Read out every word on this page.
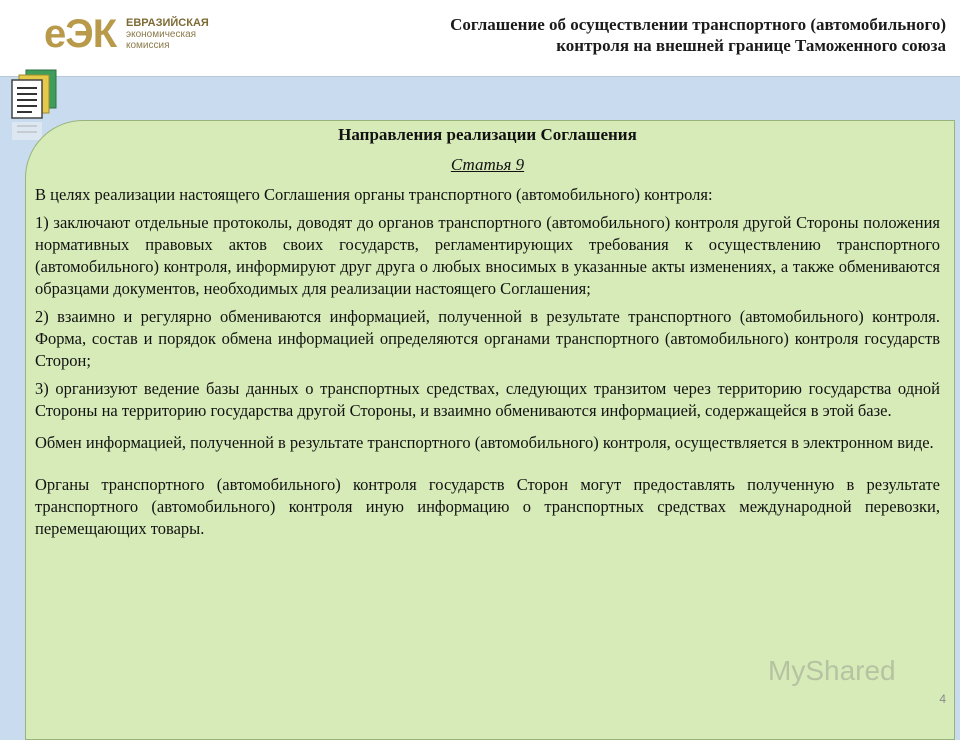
еЭК ЕВРАЗИЙСКАЯ
экономическая
комиссия
Соглашение об осуществлении транспортного (автомобильного)
контроля на внешней границе Таможенного союза

Направления реализации Соглашения

Статья 9

В целях реализации настоящего Соглашения органы транспортного (автомобильного) контроля:

1) заключают отдельные протоколы, доводят до органов транспортного (автомобильного) контроля другой Стороны положения нормативных правовых актов своих государств, регламентирующих требования к осуществлению транспортного (автомобильного) контроля, информируют друг друга о любых вносимых в указанные акты изменениях, а также обмениваются образцами документов, необходимых для реализации настоящего Соглашения;

2) взаимно и регулярно обмениваются информацией, полученной в результате транспортного (автомобильного) контроля. Форма, состав и порядок обмена информацией определяются органами транспортного (автомобильного) контроля государств Сторон;

3) организуют ведение базы данных о транспортных средствах, следующих транзитом через территорию государства одной Стороны на территорию государства другой Стороны, и взаимно обмениваются информацией, содержащейся в этой базе.

Обмен информацией, полученной в результате транспортного (автомобильного) контроля, осуществляется в электронном виде.

Органы транспортного (автомобильного) контроля государств Сторон могут предоставлять полученную в результате транспортного (автомобильного) контроля иную информацию о транспортных средствах международной перевозки, перемещающих товары.

MyShared
4
